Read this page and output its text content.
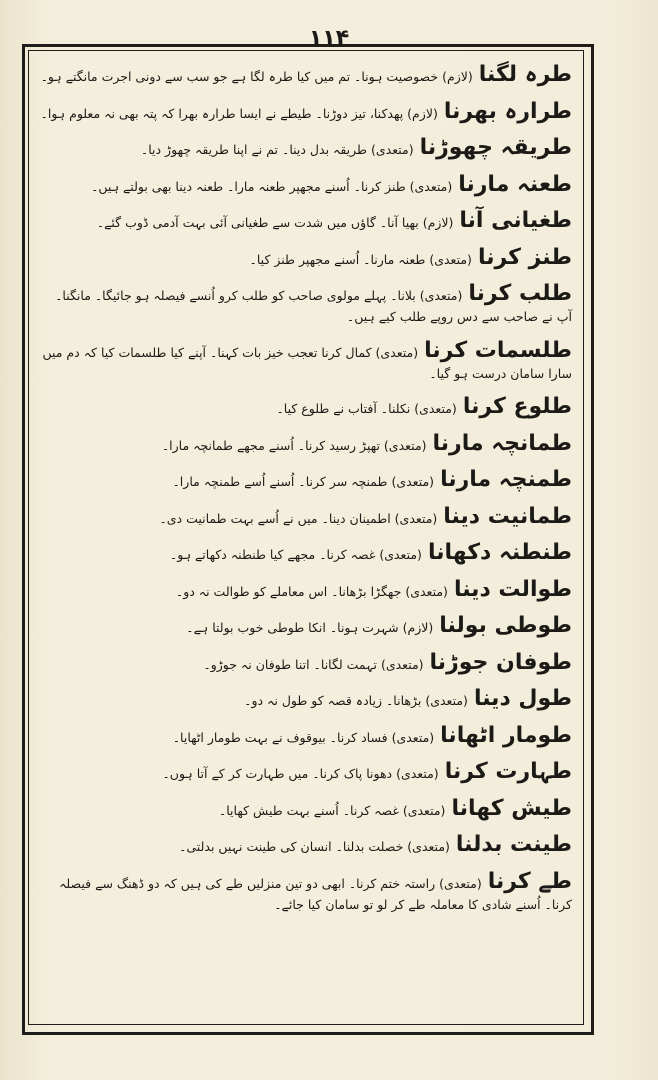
۱۱۴
طرہ لگنا(لازم) خصوصیت ہونا۔ تم میں کیا طرہ لگا ہے جو سب سے دونی اجرت مانگتے ہو۔
طرارہ بھرنا(لازم) پھدکنا، تیز دوڑنا۔ طیطے نے ایسا طرارہ بھرا کہ پتہ بھی نہ معلوم ہوا۔
طریقہ چھوڑنا(متعدی) طریقہ بدل دینا۔ تم نے اپنا طریقہ چھوڑ دیا۔
طعنہ مارنا(متعدی) طنز کرنا۔ اُسنے مجھپر طعنہ مارا۔ طعنہ دینا بھی بولتے ہیں۔
طغیانی آنا(لازم) بھیا آنا۔ گاؤں میں شدت سے طغیانی آئی بہت آدمی ڈوب گئے۔
طنز کرنا(متعدی) طعنہ مارنا۔ اُسنے مجھپر طنز کیا۔
طلب کرنا(متعدی) بلانا۔ پہلے مولوی صاحب کو طلب کرو اُنسے فیصلہ ہو جائیگا۔ مانگنا۔ آپ نے صاحب سے دس روپے طلب کیے ہیں۔
طلسمات کرنا(متعدی) کمال کرنا تعجب خیز بات کہنا۔ آپنے کیا طلسمات کیا کہ دم میں سارا سامان درست ہو گیا۔
طلوع کرنا(متعدی) نکلنا۔ آفتاب نے طلوع کیا۔
طمانچہ مارنا(متعدی) تھپڑ رسید کرنا۔ اُسنے مجھے طمانچہ مارا۔
طمنچہ مارنا(متعدی) طمنچہ سر کرنا۔ اُسنے اُسے طمنچہ مارا۔
طمانیت دینا(متعدی) اطمینان دینا۔ میں نے اُسے بہت طمانیت دی۔
طنطنہ دکھانا(متعدی) غصہ کرنا۔ مجھے کیا طنطنہ دکھاتے ہو۔
طوالت دینا(متعدی) جھگڑا بڑھانا۔ اس معاملے کو طوالت نہ دو۔
طوطی بولنا(لازم) شہرت ہونا۔ انکا طوطی خوب بولتا ہے۔
طوفان جوڑنا(متعدی) تہمت لگانا۔ اتنا طوفان نہ جوڑو۔
طول دینا(متعدی) بڑھانا۔ زیادہ قصہ کو طول نہ دو۔
طومار اٹھانا(متعدی) فساد کرنا۔ بیوقوف نے بہت طومار اٹھایا۔
طہارت کرنا(متعدی) دھونا پاک کرنا۔ میں طہارت کر کے آتا ہوں۔
طیش کھانا(متعدی) غصہ کرنا۔ اُسنے بہت طیش کھایا۔
طینت بدلنا(متعدی) خصلت بدلنا۔ انسان کی طینت نہیں بدلتی۔
طے کرنا(متعدی) راستہ ختم کرنا۔ ابھی دو تین منزلیں طے کی ہیں کہ دو ڈھنگ سے فیصلہ کرنا۔ اُسنے شادی کا معاملہ طے کر لو تو سامان کیا جائے۔
